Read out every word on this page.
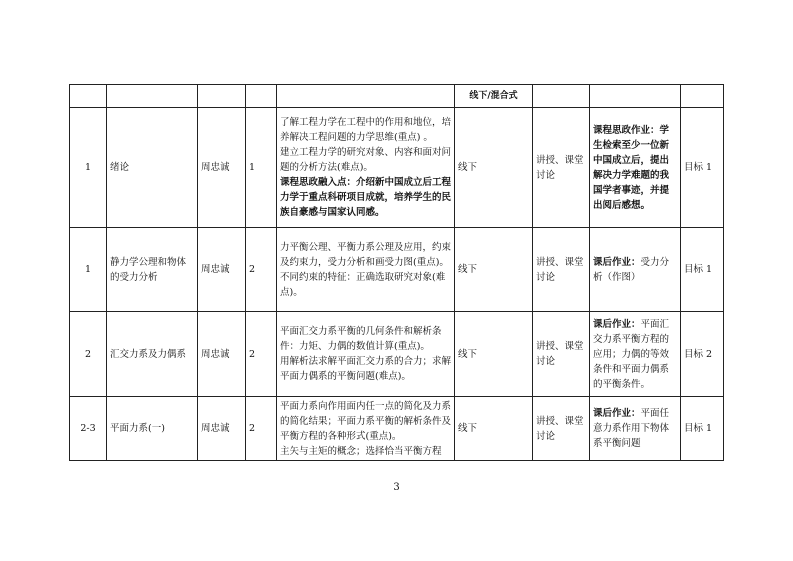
					线下/混合式			
1	绪论	周忠诚	1	了解工程力学在工程中的作用和地位，培养解决工程问题的力学思维(重点) 。
建立工程力学的研究对象、内容和面对问题的分析方法(难点)。
课程思政融入点：介绍新中国成立后工程力学于重点科研项目成就，培养学生的民族自豪感与国家认同感。	线下	讲授、课堂讨论	课程思政作业：学生检索至少一位新中国成立后，提出解决力学难题的我国学者事迹，并提出阅后感想。	目标 1
1	静力学公理和物体的受力分析	周忠诚	2	力平衡公理、平衡力系公理及应用，约束及约束力，受力分析和画受力图(重点)。
不同约束的特征：正确选取研究对象(难点)。	线下	讲授、课堂讨论	课后作业：受力分析（作图）	目标 1
2	汇交力系及力偶系	周忠诚	2	平面汇交力系平衡的几何条件和解析条件：力矩、力偶的数值计算(重点)。
用解析法求解平面汇交力系的合力；求解平面力偶系的平衡问题(难点)。	线下	讲授、课堂讨论	课后作业：平面汇交力系平衡方程的应用；力偶的等效条件和平面力偶系的平衡条件。	目标 2
2-3	平面力系(一)	周忠诚	2	平面力系向作用面内任一点的简化及力系的简化结果；平面力系平衡的解析条件及平衡方程的各种形式(重点)。
主矢与主矩的概念；选择恰当平衡方程	线下	讲授、课堂讨论	课后作业：平面任意力系作用下物体系平衡问题	目标 1
3
